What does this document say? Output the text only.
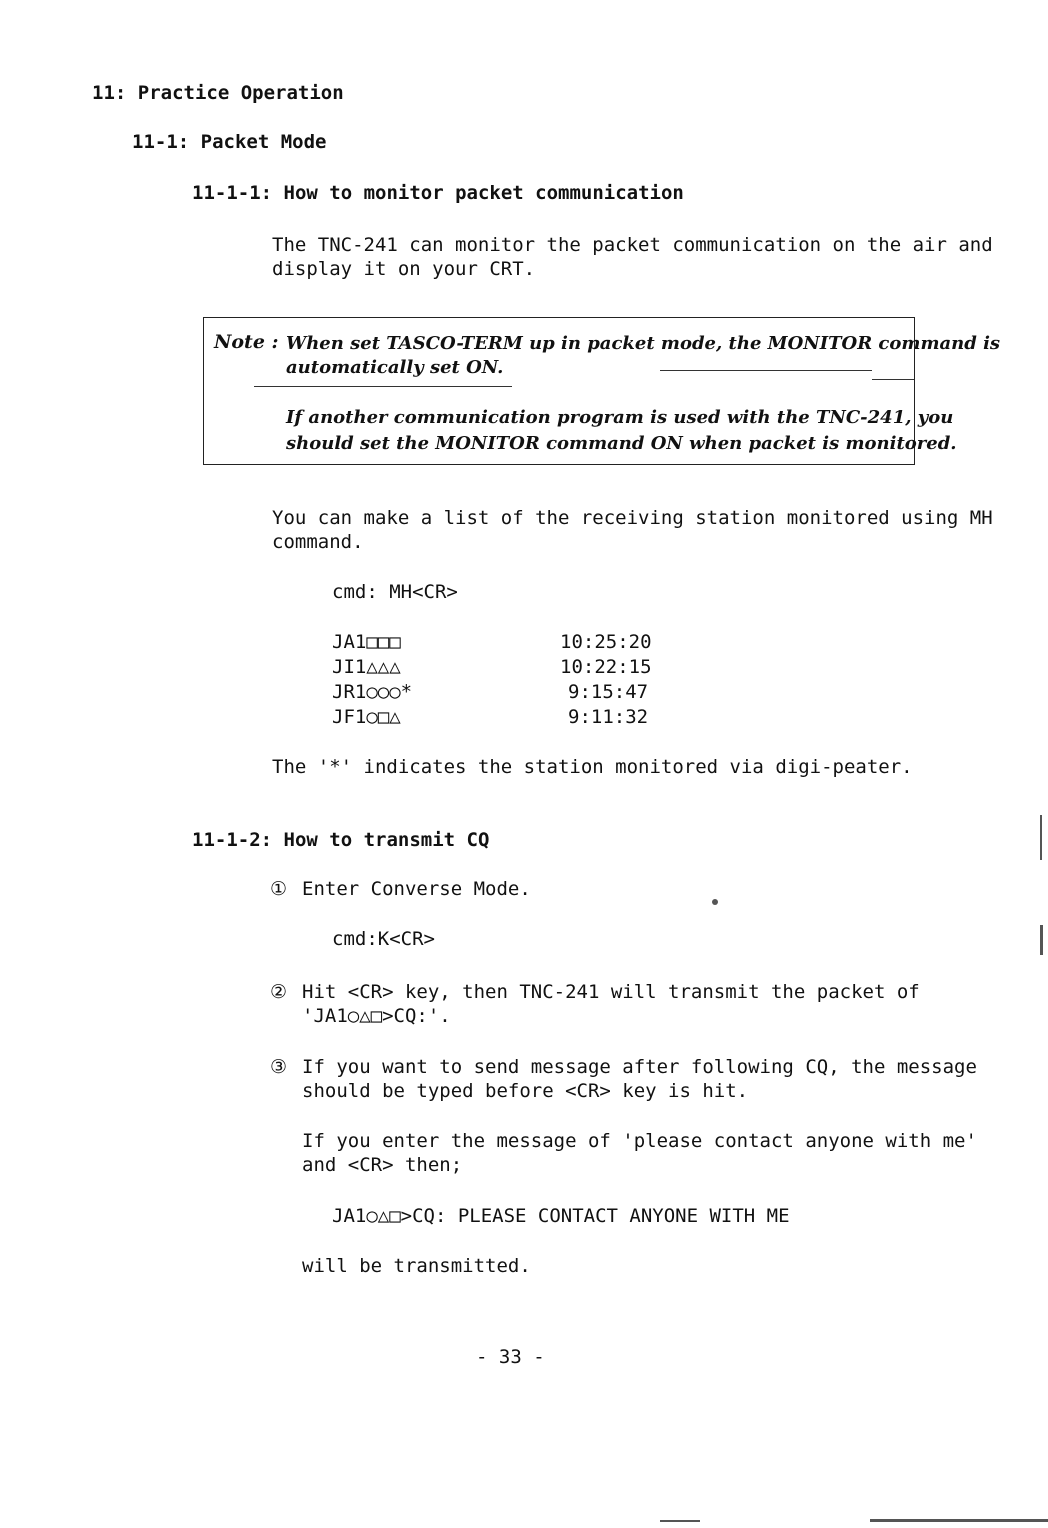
11: Practice Operation
11-1: Packet Mode
11-1-1: How to monitor packet communication
The TNC-241 can monitor the packet communication on the air and
display it on your CRT.
Note : When set TASCO-TERM up in packet mode, the MONITOR command is
automatically set ON.
If another communication program is used with the TNC-241, you
should set the MONITOR command ON when packet is monitored.
You can make a list of the receiving station monitored using MH
command.
cmd: MH<CR>
JA1□□□	10:25:20
JI1△△△	10:22:15
JR1○○○*	9:15:47
JF1○□△	9:11:32
The '*' indicates the station monitored via digi-peater.
11-1-2: How to transmit CQ
① Enter Converse Mode.
cmd:K<CR>
② Hit <CR> key, then TNC-241 will transmit the packet of
'JA1○△□>CQ:'.
③ If you want to send message after following CQ, the message
should be typed before <CR> key is hit.
If you enter the message of 'please contact anyone with me'
and <CR> then;
JA1○△□>CQ: PLEASE CONTACT ANYONE WITH ME
will be transmitted.
- 33 -
